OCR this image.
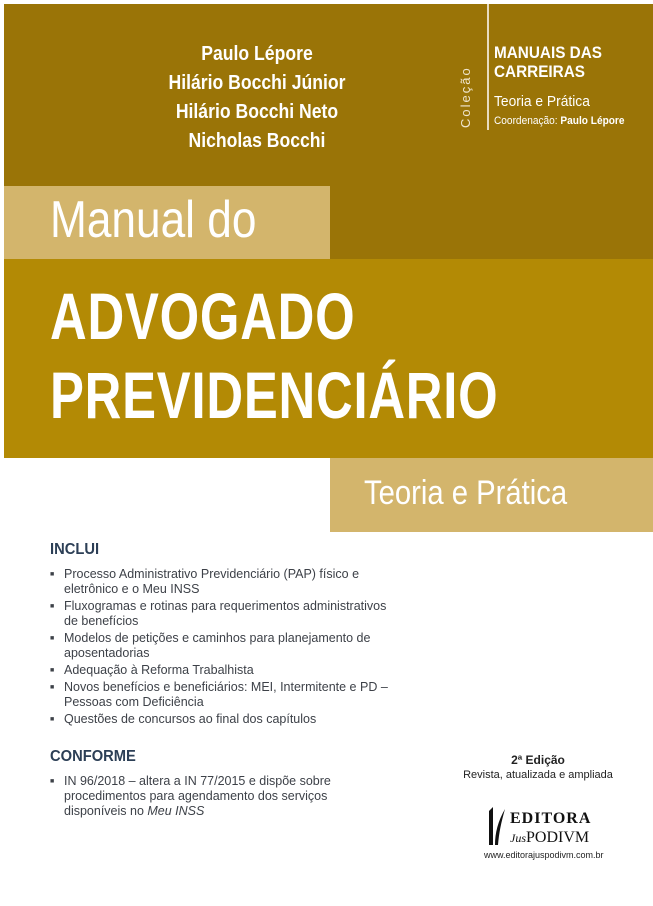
Paulo Lépore
Hilário Bocchi Júnior
Hilário Bocchi Neto
Nicholas Bocchi
Coleção
MANUAIS DAS
CARREIRAS
Teoria e Prática
Coordenação: Paulo Lépore
Manual do
ADVOGADO
PREVIDENCIÁRIO
Teoria e Prática
INCLUI
■ Processo Administrativo Previdenciário (PAP) físico e eletrônico e o Meu INSS
■ Fluxogramas e rotinas para requerimentos administrativos de benefícios
■ Modelos de petições e caminhos para planejamento de aposentadorias
■ Adequação à Reforma Trabalhista
■ Novos benefícios e beneficiários: MEI, Intermitente e PD – Pessoas com Deficiência
■ Questões de concursos ao final dos capítulos
CONFORME
■ IN 96/2018 – altera a IN 77/2015 e dispõe sobre procedimentos para agendamento dos serviços disponíveis no Meu INSS
2ª Edição
Revista, atualizada e ampliada
EDITORA
JusPODIVM
www.editorajuspodivm.com.br
